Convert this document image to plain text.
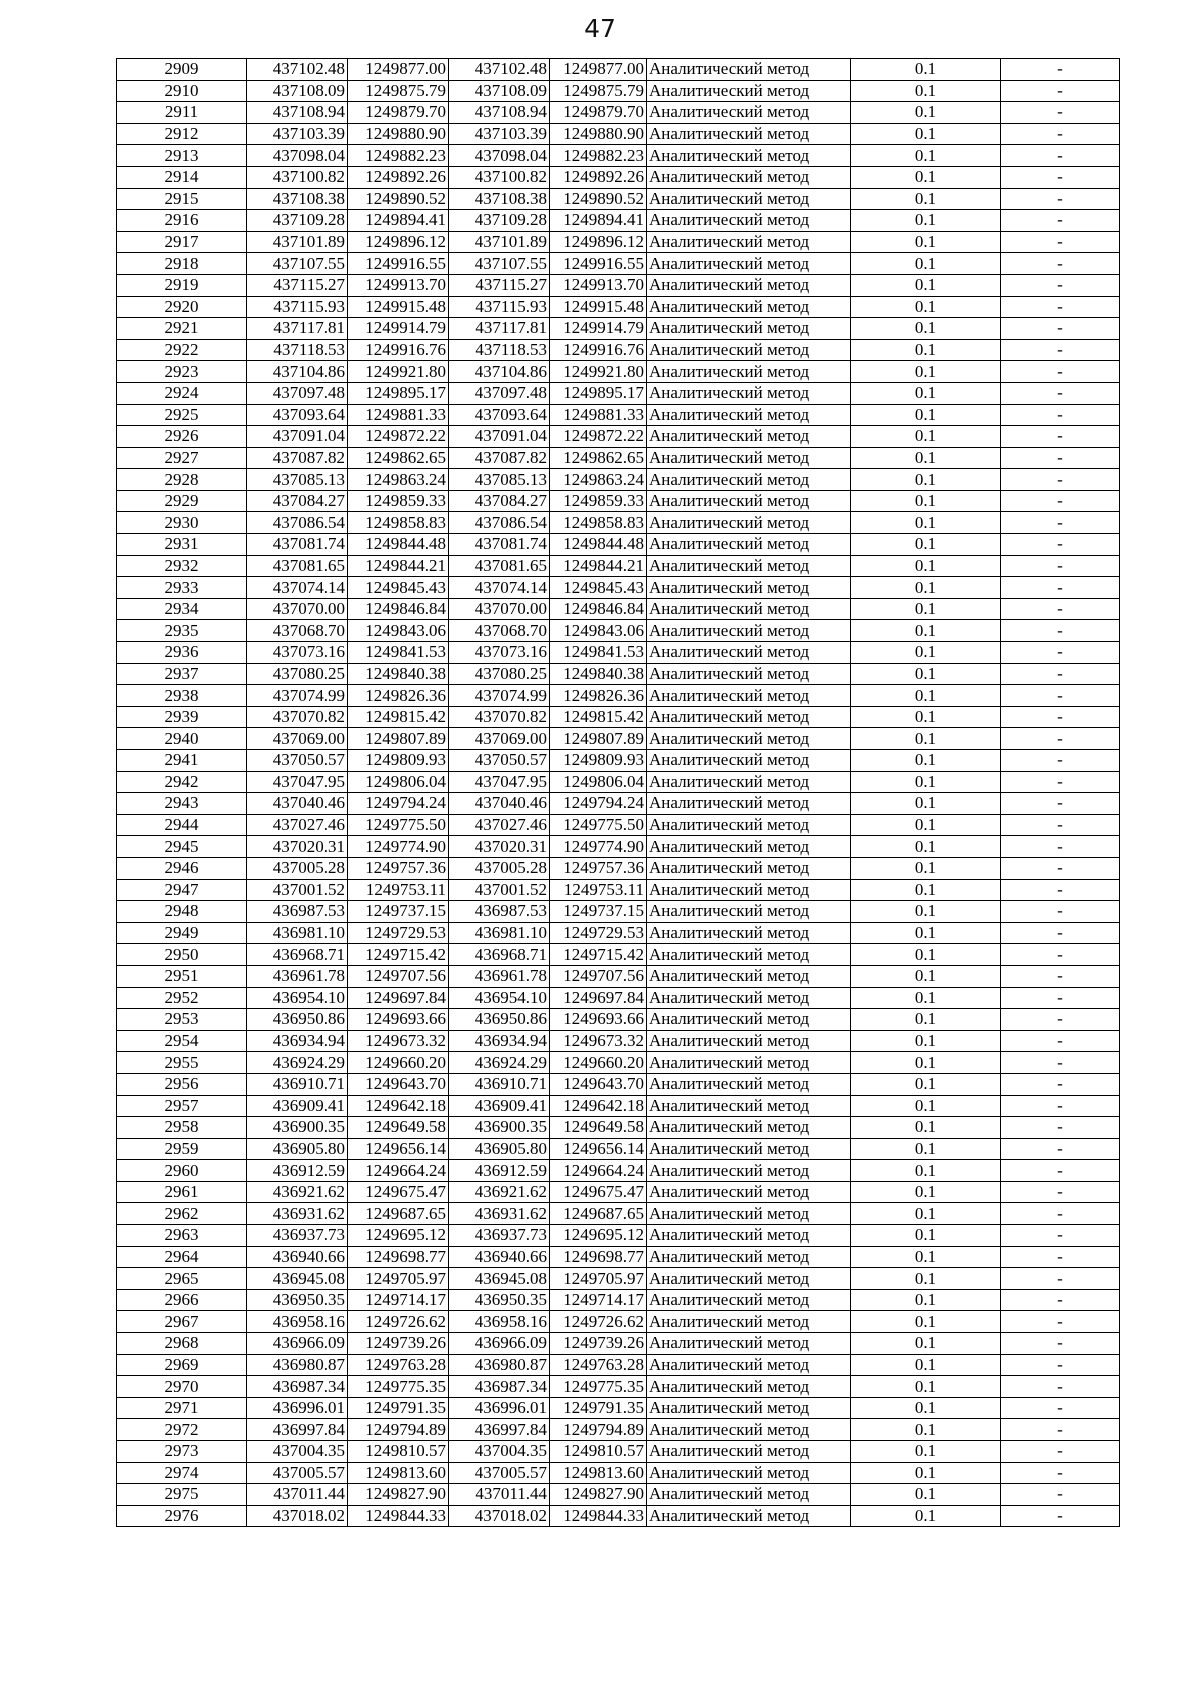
47
2909	437102.48	1249877.00	437102.48	1249877.00	Аналитический метод	0.1	-
2910	437108.09	1249875.79	437108.09	1249875.79	Аналитический метод	0.1	-
2911	437108.94	1249879.70	437108.94	1249879.70	Аналитический метод	0.1	-
2912	437103.39	1249880.90	437103.39	1249880.90	Аналитический метод	0.1	-
2913	437098.04	1249882.23	437098.04	1249882.23	Аналитический метод	0.1	-
2914	437100.82	1249892.26	437100.82	1249892.26	Аналитический метод	0.1	-
2915	437108.38	1249890.52	437108.38	1249890.52	Аналитический метод	0.1	-
2916	437109.28	1249894.41	437109.28	1249894.41	Аналитический метод	0.1	-
2917	437101.89	1249896.12	437101.89	1249896.12	Аналитический метод	0.1	-
2918	437107.55	1249916.55	437107.55	1249916.55	Аналитический метод	0.1	-
2919	437115.27	1249913.70	437115.27	1249913.70	Аналитический метод	0.1	-
2920	437115.93	1249915.48	437115.93	1249915.48	Аналитический метод	0.1	-
2921	437117.81	1249914.79	437117.81	1249914.79	Аналитический метод	0.1	-
2922	437118.53	1249916.76	437118.53	1249916.76	Аналитический метод	0.1	-
2923	437104.86	1249921.80	437104.86	1249921.80	Аналитический метод	0.1	-
2924	437097.48	1249895.17	437097.48	1249895.17	Аналитический метод	0.1	-
2925	437093.64	1249881.33	437093.64	1249881.33	Аналитический метод	0.1	-
2926	437091.04	1249872.22	437091.04	1249872.22	Аналитический метод	0.1	-
2927	437087.82	1249862.65	437087.82	1249862.65	Аналитический метод	0.1	-
2928	437085.13	1249863.24	437085.13	1249863.24	Аналитический метод	0.1	-
2929	437084.27	1249859.33	437084.27	1249859.33	Аналитический метод	0.1	-
2930	437086.54	1249858.83	437086.54	1249858.83	Аналитический метод	0.1	-
2931	437081.74	1249844.48	437081.74	1249844.48	Аналитический метод	0.1	-
2932	437081.65	1249844.21	437081.65	1249844.21	Аналитический метод	0.1	-
2933	437074.14	1249845.43	437074.14	1249845.43	Аналитический метод	0.1	-
2934	437070.00	1249846.84	437070.00	1249846.84	Аналитический метод	0.1	-
2935	437068.70	1249843.06	437068.70	1249843.06	Аналитический метод	0.1	-
2936	437073.16	1249841.53	437073.16	1249841.53	Аналитический метод	0.1	-
2937	437080.25	1249840.38	437080.25	1249840.38	Аналитический метод	0.1	-
2938	437074.99	1249826.36	437074.99	1249826.36	Аналитический метод	0.1	-
2939	437070.82	1249815.42	437070.82	1249815.42	Аналитический метод	0.1	-
2940	437069.00	1249807.89	437069.00	1249807.89	Аналитический метод	0.1	-
2941	437050.57	1249809.93	437050.57	1249809.93	Аналитический метод	0.1	-
2942	437047.95	1249806.04	437047.95	1249806.04	Аналитический метод	0.1	-
2943	437040.46	1249794.24	437040.46	1249794.24	Аналитический метод	0.1	-
2944	437027.46	1249775.50	437027.46	1249775.50	Аналитический метод	0.1	-
2945	437020.31	1249774.90	437020.31	1249774.90	Аналитический метод	0.1	-
2946	437005.28	1249757.36	437005.28	1249757.36	Аналитический метод	0.1	-
2947	437001.52	1249753.11	437001.52	1249753.11	Аналитический метод	0.1	-
2948	436987.53	1249737.15	436987.53	1249737.15	Аналитический метод	0.1	-
2949	436981.10	1249729.53	436981.10	1249729.53	Аналитический метод	0.1	-
2950	436968.71	1249715.42	436968.71	1249715.42	Аналитический метод	0.1	-
2951	436961.78	1249707.56	436961.78	1249707.56	Аналитический метод	0.1	-
2952	436954.10	1249697.84	436954.10	1249697.84	Аналитический метод	0.1	-
2953	436950.86	1249693.66	436950.86	1249693.66	Аналитический метод	0.1	-
2954	436934.94	1249673.32	436934.94	1249673.32	Аналитический метод	0.1	-
2955	436924.29	1249660.20	436924.29	1249660.20	Аналитический метод	0.1	-
2956	436910.71	1249643.70	436910.71	1249643.70	Аналитический метод	0.1	-
2957	436909.41	1249642.18	436909.41	1249642.18	Аналитический метод	0.1	-
2958	436900.35	1249649.58	436900.35	1249649.58	Аналитический метод	0.1	-
2959	436905.80	1249656.14	436905.80	1249656.14	Аналитический метод	0.1	-
2960	436912.59	1249664.24	436912.59	1249664.24	Аналитический метод	0.1	-
2961	436921.62	1249675.47	436921.62	1249675.47	Аналитический метод	0.1	-
2962	436931.62	1249687.65	436931.62	1249687.65	Аналитический метод	0.1	-
2963	436937.73	1249695.12	436937.73	1249695.12	Аналитический метод	0.1	-
2964	436940.66	1249698.77	436940.66	1249698.77	Аналитический метод	0.1	-
2965	436945.08	1249705.97	436945.08	1249705.97	Аналитический метод	0.1	-
2966	436950.35	1249714.17	436950.35	1249714.17	Аналитический метод	0.1	-
2967	436958.16	1249726.62	436958.16	1249726.62	Аналитический метод	0.1	-
2968	436966.09	1249739.26	436966.09	1249739.26	Аналитический метод	0.1	-
2969	436980.87	1249763.28	436980.87	1249763.28	Аналитический метод	0.1	-
2970	436987.34	1249775.35	436987.34	1249775.35	Аналитический метод	0.1	-
2971	436996.01	1249791.35	436996.01	1249791.35	Аналитический метод	0.1	-
2972	436997.84	1249794.89	436997.84	1249794.89	Аналитический метод	0.1	-
2973	437004.35	1249810.57	437004.35	1249810.57	Аналитический метод	0.1	-
2974	437005.57	1249813.60	437005.57	1249813.60	Аналитический метод	0.1	-
2975	437011.44	1249827.90	437011.44	1249827.90	Аналитический метод	0.1	-
2976	437018.02	1249844.33	437018.02	1249844.33	Аналитический метод	0.1	-
